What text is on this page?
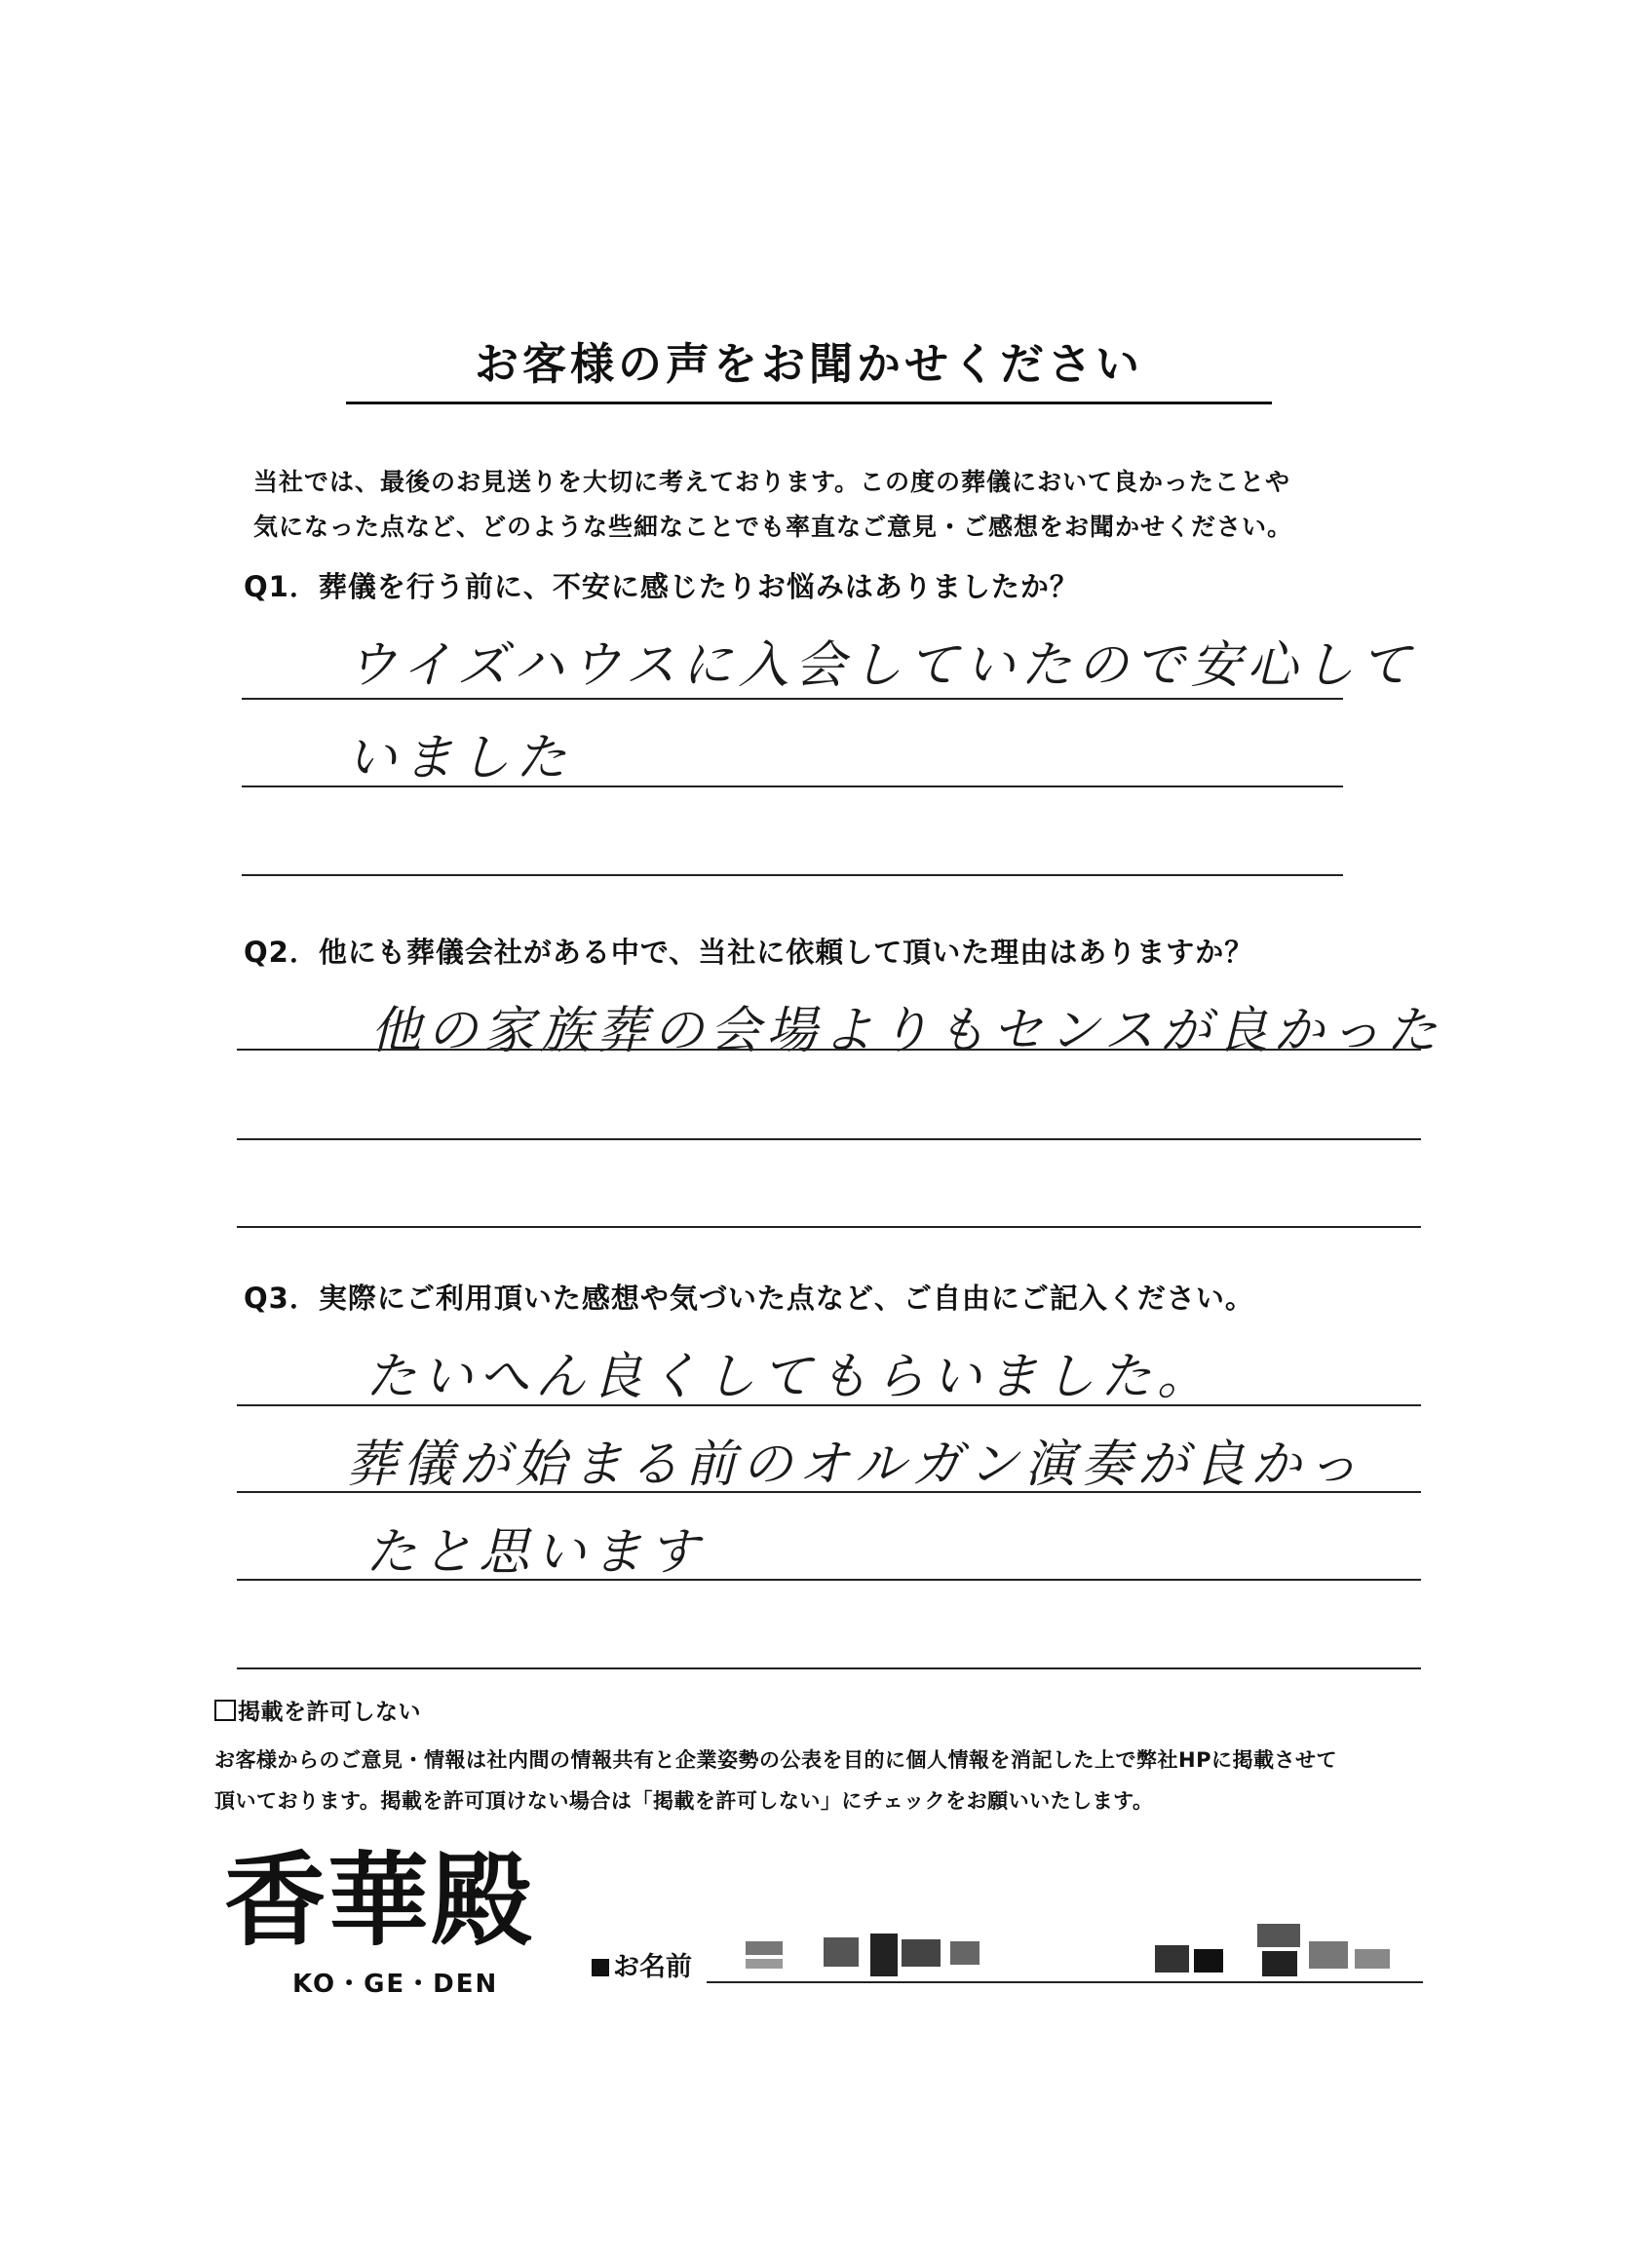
お客様の声をお聞かせください
当社では、最後のお見送りを大切に考えております。この度の葬儀において良かったことや
気になった点など、どのような些細なことでも率直なご意見・ご感想をお聞かせください。
Q1．葬儀を行う前に、不安に感じたりお悩みはありましたか？
ウイズハウスに入会していたので安心して
いました
Q2．他にも葬儀会社がある中で、当社に依頼して頂いた理由はありますか？
他の家族葬の会場よりもセンスが良かった
Q3．実際にご利用頂いた感想や気づいた点など、ご自由にご記入ください。
たいへん良くしてもらいました。
葬儀が始まる前のオルガン演奏が良かっ
たと思います
掲載を許可しない
お客様からのご意見・情報は社内間の情報共有と企業姿勢の公表を目的に個人情報を消記した上で弊社HPに掲載させて
頂いております。掲載を許可頂けない場合は「掲載を許可しない」にチェックをお願いいたします。
香華殿
KO・GE・DEN
お名前
